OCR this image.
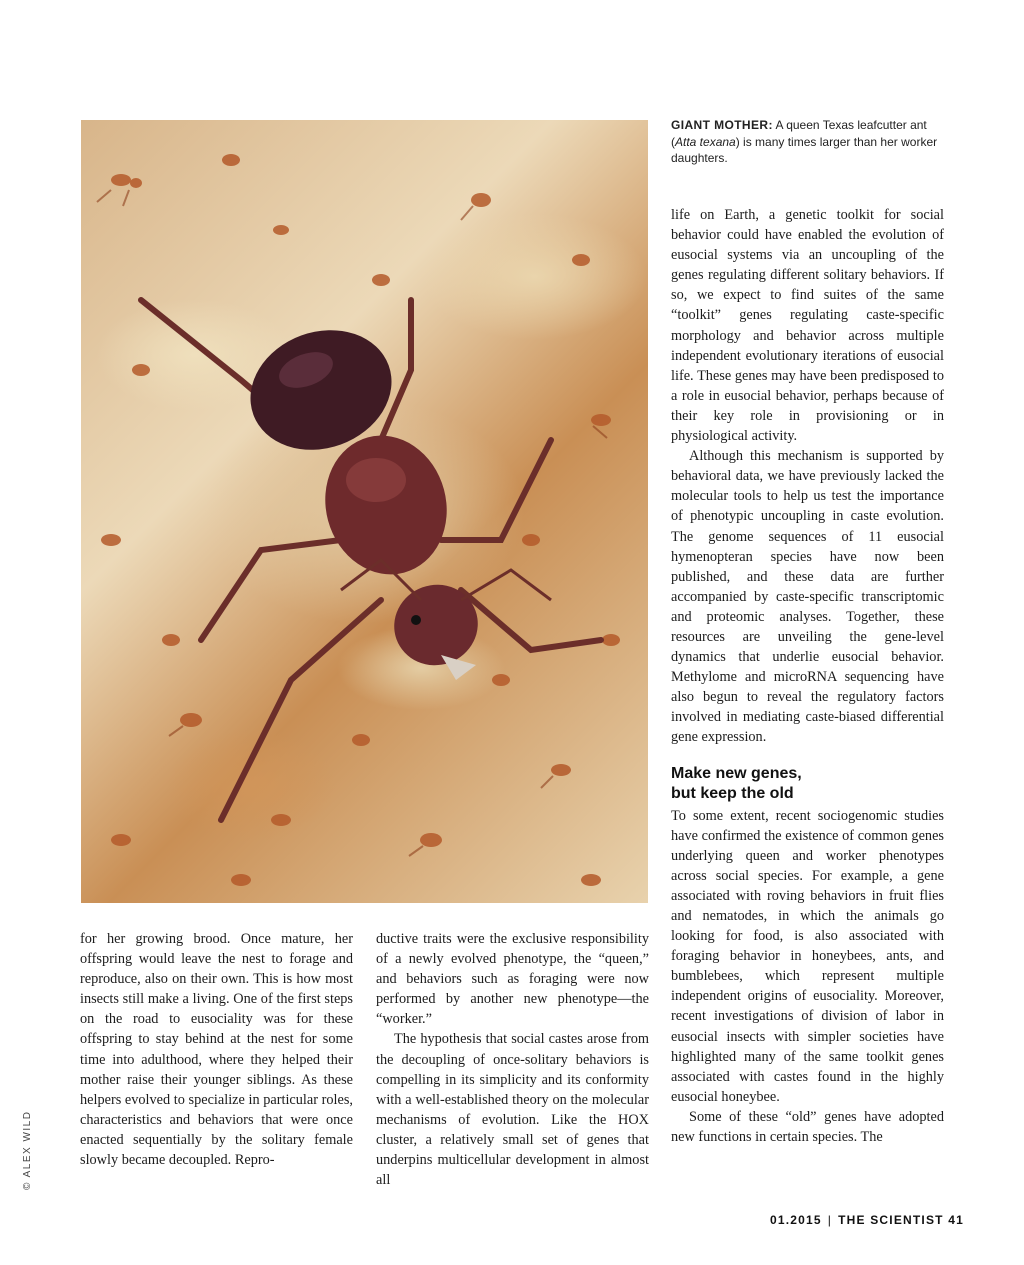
GIANT MOTHER: A queen Texas leafcutter ant (Atta texana) is many times larger than her worker daughters.
© ALEX WILD

for her growing brood. Once mature, her offspring would leave the nest to forage and reproduce, also on their own. This is how most insects still make a living. One of the first steps on the road to eusociality was for these offspring to stay behind at the nest for some time into adulthood, where they helped their mother raise their younger siblings. As these helpers evolved to specialize in particular roles, characteristics and behaviors that were once enacted sequentially by the solitary female slowly became decoupled. Repro-

ductive traits were the exclusive responsibility of a newly evolved phenotype, the “queen,” and behaviors such as foraging were now performed by another new phenotype—the “worker.”

The hypothesis that social castes arose from the decoupling of once-solitary behaviors is compelling in its simplicity and its conformity with a well-established theory on the molecular mechanisms of evolution. Like the HOX cluster, a relatively small set of genes that underpins multicellular development in almost all

life on Earth, a genetic toolkit for social behavior could have enabled the evolution of eusocial systems via an uncoupling of the genes regulating different solitary behaviors. If so, we expect to find suites of the same “toolkit” genes regulating caste-specific morphology and behavior across multiple independent evolutionary iterations of eusocial life. These genes may have been predisposed to a role in eusocial behavior, perhaps because of their key role in provisioning or in physiological activity.

Although this mechanism is supported by behavioral data, we have previously lacked the molecular tools to help us test the importance of phenotypic uncoupling in caste evolution. The genome sequences of 11 eusocial hymenopteran species have now been published, and these data are further accompanied by caste-specific transcriptomic and proteomic analyses. Together, these resources are unveiling the gene-level dynamics that underlie eusocial behavior. Methylome and microRNA sequencing have also begun to reveal the regulatory factors involved in mediating caste-biased differential gene expression.

Make new genes,
but keep the old

To some extent, recent sociogenomic studies have confirmed the existence of common genes underlying queen and worker phenotypes across social species. For example, a gene associated with roving behaviors in fruit flies and nematodes, in which the animals go looking for food, is also associated with foraging behavior in honeybees, ants, and bumblebees, which represent multiple independent origins of eusociality. Moreover, recent investigations of division of labor in eusocial insects with simpler societies have highlighted many of the same toolkit genes associated with castes found in the highly eusocial honeybee.

Some of these “old” genes have adopted new functions in certain species. The

01.2015 | THE SCIENTIST 41
